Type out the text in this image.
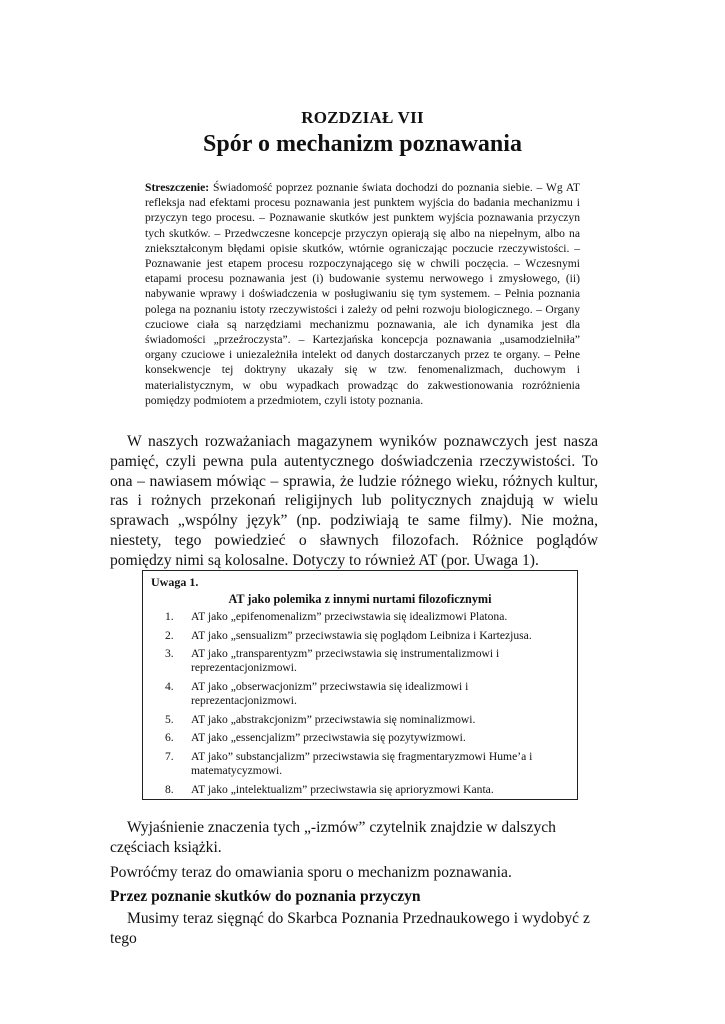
ROZDZIAŁ VII
Spór o mechanizm poznawania
Streszczenie: Świadomość poprzez poznanie świata dochodzi do poznania siebie. – Wg AT refleksja nad efektami procesu poznawania jest punktem wyjścia do badania mechanizmu i przyczyn tego procesu. – Poznawanie skutków jest punktem wyjścia poznawania przyczyn tych skutków. – Przedwczesne koncepcje przyczyn opierają się albo na niepełnym, albo na zniekształconym błędami opisie skutków, wtórnie ograniczając poczucie rzeczywistości. – Poznawanie jest etapem procesu rozpoczynającego się w chwili poczęcia. – Wczesnymi etapami procesu poznawania jest (i) budowanie systemu nerwowego i zmysłowego, (ii) nabywanie wprawy i doświadczenia w posługiwaniu się tym systemem. – Pełnia poznania polega na poznaniu istoty rzeczywistości i zależy od pełni rozwoju biologicznego. – Organy czuciowe ciała są narzędziami mechanizmu poznawania, ale ich dynamika jest dla świadomości „przeźroczysta”. – Kartezjańska koncepcja poznawania „usamodzielniła” organy czuciowe i uniezależniła intelekt od danych dostarczanych przez te organy. – Pełne konsekwencje tej doktryny ukazały się w tzw. fenomenalizmach, duchowym i materialistycznym, w obu wypadkach prowadząc do zakwestionowania rozróżnienia pomiędzy podmiotem a przedmiotem, czyli istoty poznania.
W naszych rozważaniach magazynem wyników poznawczych jest nasza pamięć, czyli pewna pula autentycznego doświadczenia rzeczywistości. To ona – nawiasem mówiąc – sprawia, że ludzie różnego wieku, różnych kultur, ras i rożnych przekonań religijnych lub politycznych znajdują w wielu sprawach „wspólny język” (np. podziwiają te same filmy). Nie można, niestety, tego powiedzieć o sławnych filozofach. Różnice poglądów pomiędzy nimi są kolosalne. Dotyczy to również AT (por. Uwaga 1).
Uwaga 1.
AT jako polemika z innymi nurtami filozoficznymi
1.	AT jako „epifenomenalizm” przeciwstawia się idealizmowi Platona.
2.	AT jako „sensualizm” przeciwstawia się poglądom Leibniza i Kartezjusa.
3.	AT jako „transparentyzm” przeciwstawia się instrumentalizmowi i reprezentacjonizmowi.
4.	AT jako „obserwacjonizm” przeciwstawia się idealizmowi i reprezentacjonizmowi.
5.	AT jako „abstrakcjonizm” przeciwstawia się nominalizmowi.
6.	AT jako „essencjalizm” przeciwstawia się pozytywizmowi.
7.	AT jako” substancjalizm” przeciwstawia się fragmentaryzmowi Hume’a i matematycyzmowi.
8.	AT jako „intelektualizm” przeciwstawia się aprioryzmowi Kanta.

Wyjaśnienie znaczenia tych „-izmów” czytelnik znajdzie w dalszych częściach książki.

Powróćmy teraz do omawiania sporu o mechanizm poznawania.

Przez poznanie skutków do poznania przyczyn

Musimy teraz sięgnąć do Skarbca Poznania Przednaukowego i wydobyć z tego
